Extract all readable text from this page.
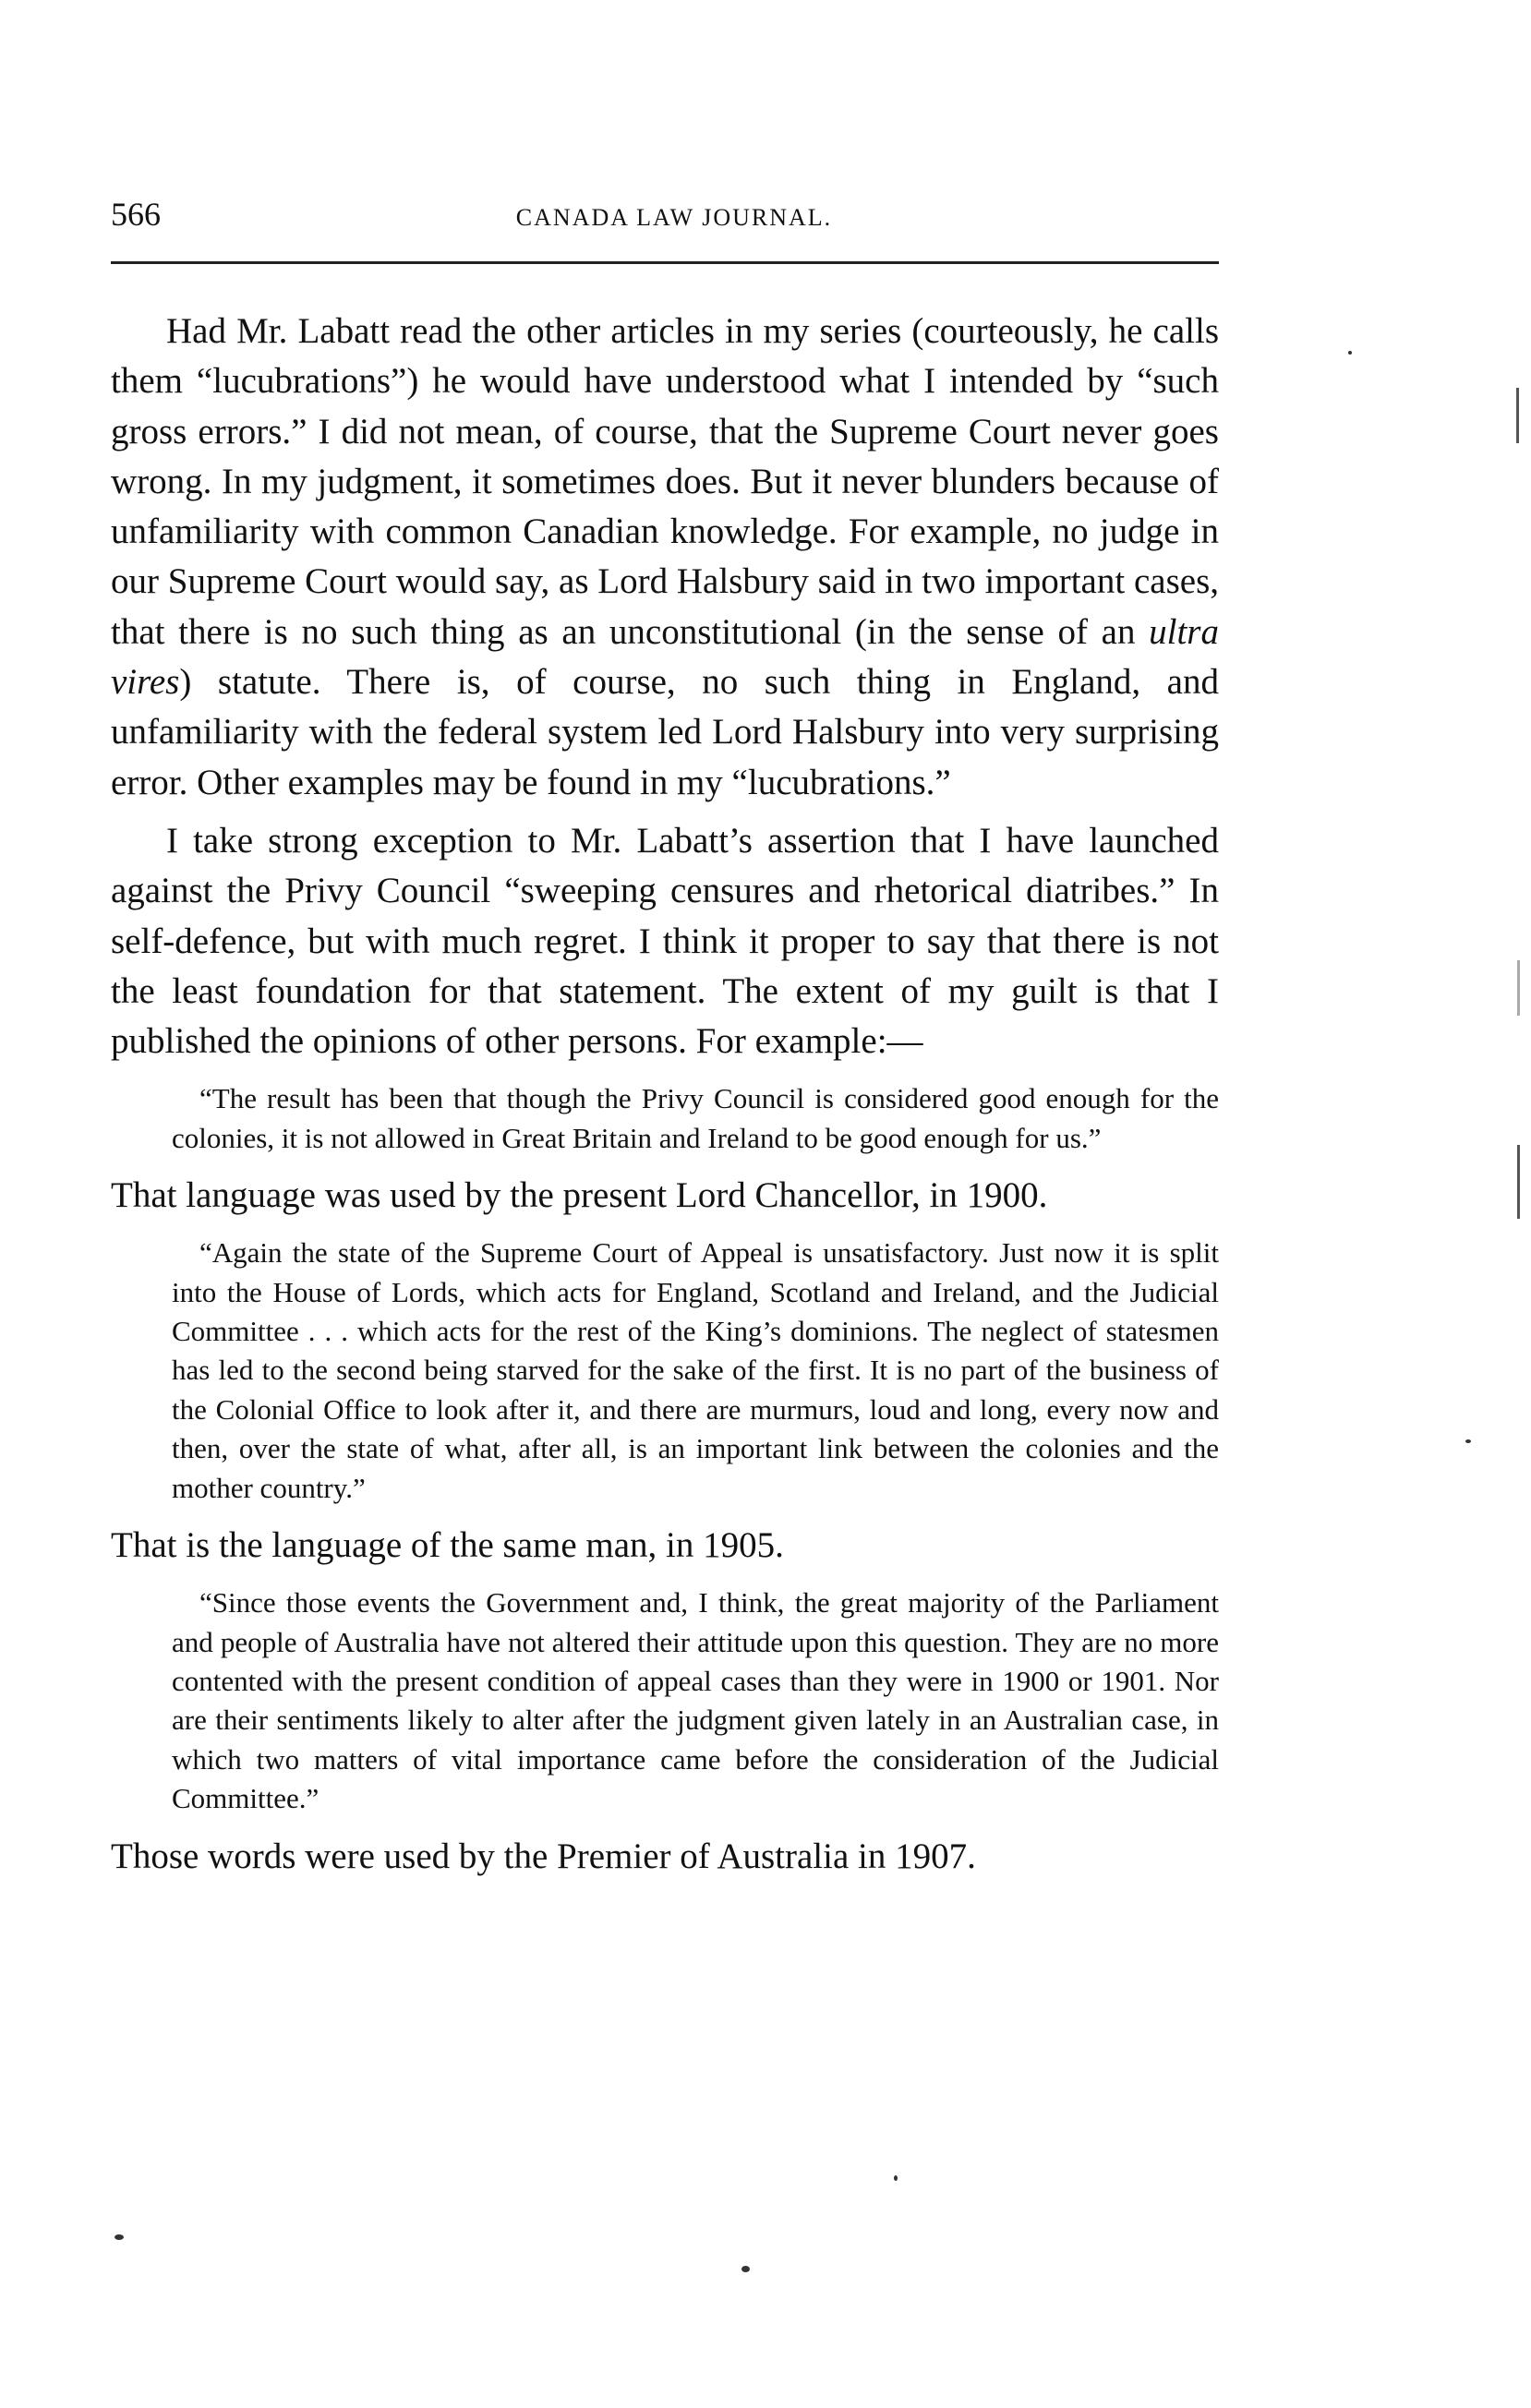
566	CANADA LAW JOURNAL.

Had Mr. Labatt read the other articles in my series (courteously, he calls them “lucubrations”) he would have understood what I intended by “such gross errors.” I did not mean, of course, that the Supreme Court never goes wrong. In my judgment, it sometimes does. But it never blunders because of unfamiliarity with common Canadian knowledge. For example, no judge in our Supreme Court would say, as Lord Halsbury said in two important cases, that there is no such thing as an unconstitutional (in the sense of an ultra vires) statute. There is, of course, no such thing in England, and unfamiliarity with the federal system led Lord Halsbury into very surprising error. Other examples may be found in my “lucubrations.”

I take strong exception to Mr. Labatt’s assertion that I have launched against the Privy Council “sweeping censures and rhetorical diatribes.” In self-defence, but with much regret. I think it proper to say that there is not the least foundation for that statement. The extent of my guilt is that I published the opinions of other persons. For example:—

“The result has been that though the Privy Council is considered good enough for the colonies, it is not allowed in Great Britain and Ireland to be good enough for us.”

That language was used by the present Lord Chancellor, in 1900.

“Again the state of the Supreme Court of Appeal is unsatisfactory. Just now it is split into the House of Lords, which acts for England, Scotland and Ireland, and the Judicial Committee . . . which acts for the rest of the King’s dominions. The neglect of statesmen has led to the second being starved for the sake of the first. It is no part of the business of the Colonial Office to look after it, and there are murmurs, loud and long, every now and then, over the state of what, after all, is an important link between the colonies and the mother country.”

That is the language of the same man, in 1905.

“Since those events the Government and, I think, the great majority of the Parliament and people of Australia have not altered their attitude upon this question. They are no more contented with the present condition of appeal cases than they were in 1900 or 1901. Nor are their sentiments likely to alter after the judgment given lately in an Australian case, in which two matters of vital importance came before the consideration of the Judicial Committee.”

Those words were used by the Premier of Australia in 1907.
